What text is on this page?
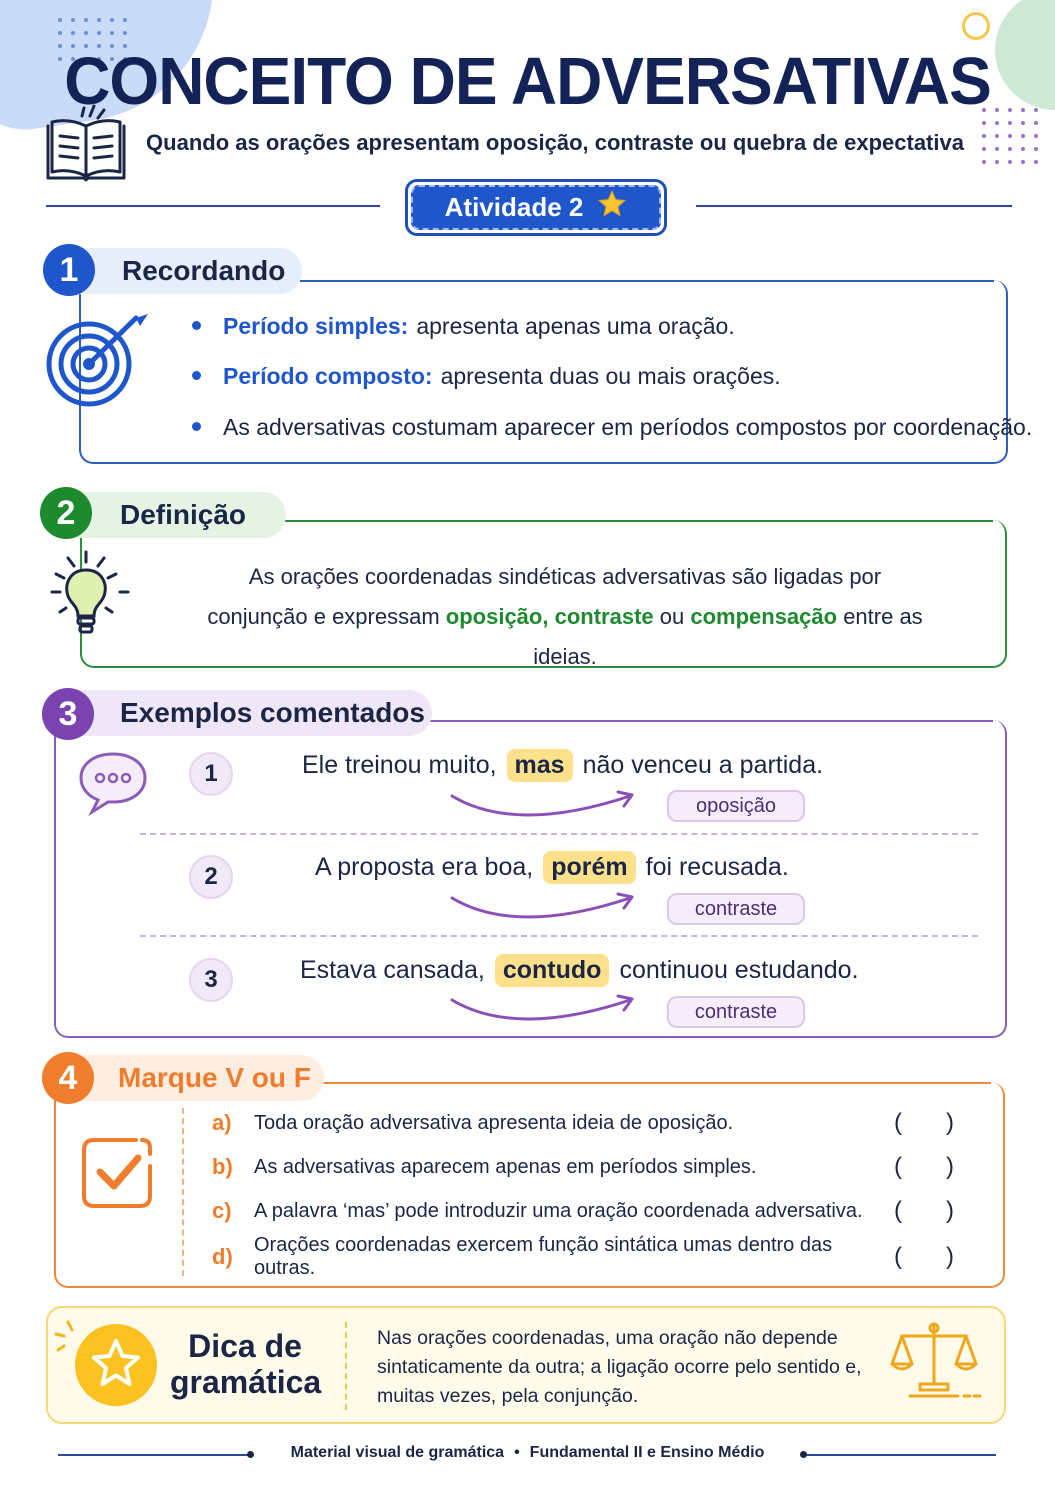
CONCEITO DE ADVERSATIVAS
Quando as orações apresentam oposição, contraste ou quebra de expectativa
Atividade 2
Recordando
1
Período simples: apresenta apenas uma oração.
Período composto: apresenta duas ou mais orações.
As adversativas costumam aparecer em períodos compostos por coordenação.
Definição
2
As orações coordenadas sindéticas adversativas são ligadas por
conjunção e expressam oposição, contraste ou compensação entre as ideias.
Exemplos comentados
3
1	Ele treinou muito, mas não venceu a partida.
oposição
2	A proposta era boa, porém foi recusada.
contraste
3	Estava cansada, contudo continuou estudando.
contraste
Marque V ou F
4
a)	Toda oração adversativa apresenta ideia de oposição.	( )
b)	As adversativas aparecem apenas em períodos simples.	( )
c)	A palavra ‘mas’ pode introduzir uma oração coordenada adversativa.	( )
d)	Orações coordenadas exercem função sintática umas dentro das outras.	( )
Dica de
gramática
Nas orações coordenadas, uma oração não depende sintaticamente da outra; a ligação ocorre pelo sentido e, muitas vezes, pela conjunção.
Material visual de gramática • Fundamental II e Ensino Médio
